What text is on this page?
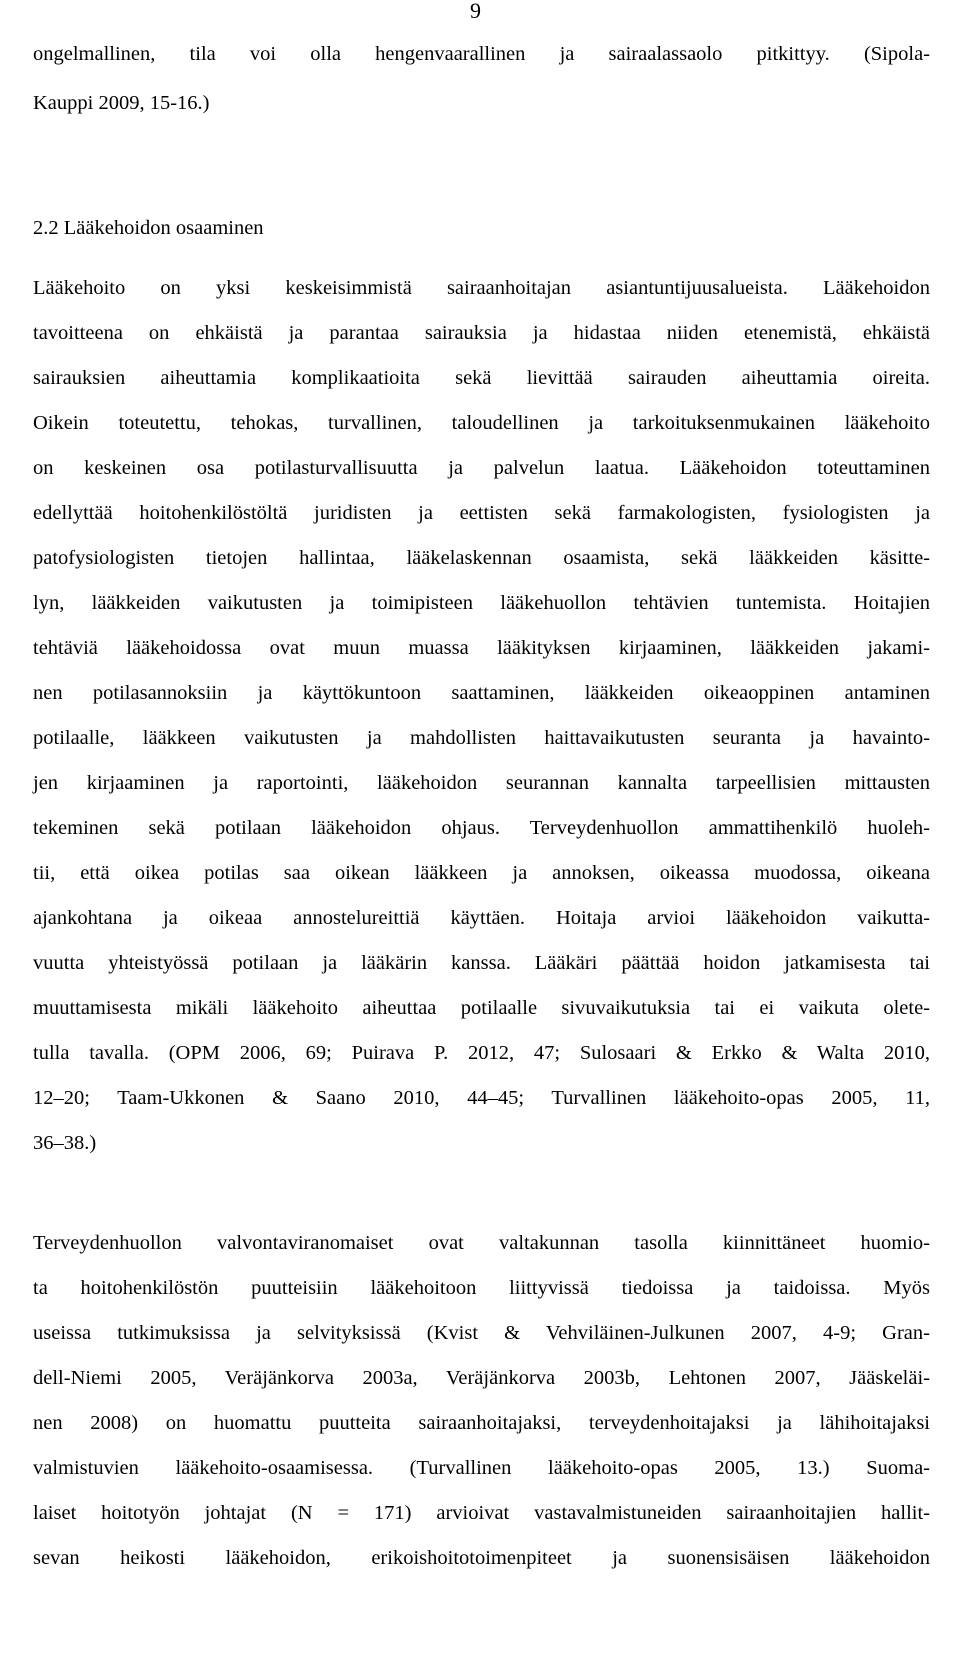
9
ongelmallinen, tila voi olla hengenvaarallinen ja sairaalassaolo pitkittyy. (Sipola-
Kauppi 2009, 15-16.)
2.2 Lääkehoidon osaaminen
Lääkehoito on yksi keskeisimmistä sairaanhoitajan asiantuntijuusalueista. Lääkehoidon
tavoitteena on ehkäistä ja parantaa sairauksia ja hidastaa niiden etenemistä, ehkäistä
sairauksien aiheuttamia komplikaatioita sekä lievittää sairauden aiheuttamia oireita.
Oikein toteutettu, tehokas, turvallinen, taloudellinen ja tarkoituksenmukainen lääkehoito
on keskeinen osa potilasturvallisuutta ja palvelun laatua. Lääkehoidon toteuttaminen
edellyttää hoitohenkilöstöltä juridisten ja eettisten sekä farmakologisten, fysiologisten ja
patofysiologisten tietojen hallintaa, lääkelaskennan osaamista, sekä lääkkeiden käsitte-
lyn, lääkkeiden vaikutusten ja toimipisteen lääkehuollon tehtävien tuntemista. Hoitajien
tehtäviä lääkehoidossa ovat muun muassa lääkityksen kirjaaminen, lääkkeiden jakami-
nen potilasannoksiin ja käyttökuntoon saattaminen, lääkkeiden oikeaoppinen antaminen
potilaalle, lääkkeen vaikutusten ja mahdollisten haittavaikutusten seuranta ja havainto-
jen kirjaaminen ja raportointi, lääkehoidon seurannan kannalta tarpeellisien mittausten
tekeminen sekä potilaan lääkehoidon ohjaus. Terveydenhuollon ammattihenkilö huoleh-
tii, että oikea potilas saa oikean lääkkeen ja annoksen, oikeassa muodossa, oikeana
ajankohtana ja oikeaa annostelureittiä käyttäen. Hoitaja arvioi lääkehoidon vaikutta-
vuutta yhteistyössä potilaan ja lääkärin kanssa. Lääkäri päättää hoidon jatkamisesta tai
muuttamisesta mikäli lääkehoito aiheuttaa potilaalle sivuvaikutuksia tai ei vaikuta olete-
tulla tavalla. (OPM 2006, 69; Puirava P. 2012, 47; Sulosaari & Erkko & Walta 2010,
12–20; Taam-Ukkonen & Saano 2010, 44–45; Turvallinen lääkehoito-opas 2005, 11,
36–38.)
Terveydenhuollon valvontaviranomaiset ovat valtakunnan tasolla kiinnittäneet huomio-
ta hoitohenkilöstön puutteisiin lääkehoitoon liittyvissä tiedoissa ja taidoissa. Myös
useissa tutkimuksissa ja selvityksissä (Kvist & Vehviläinen-Julkunen 2007, 4-9; Gran-
dell-Niemi 2005, Veräjänkorva 2003a, Veräjänkorva 2003b, Lehtonen 2007, Jääskeläi-
nen 2008) on huomattu puutteita sairaanhoitajaksi, terveydenhoitajaksi ja lähihoitajaksi
valmistuvien lääkehoito-osaamisessa. (Turvallinen lääkehoito-opas 2005, 13.) Suoma-
laiset hoitotyön johtajat (N = 171) arvioivat vastavalmistuneiden sairaanhoitajien hallit-
sevan heikosti lääkehoidon, erikoishoitotoimenpiteet ja suonensisäisen lääkehoidon
